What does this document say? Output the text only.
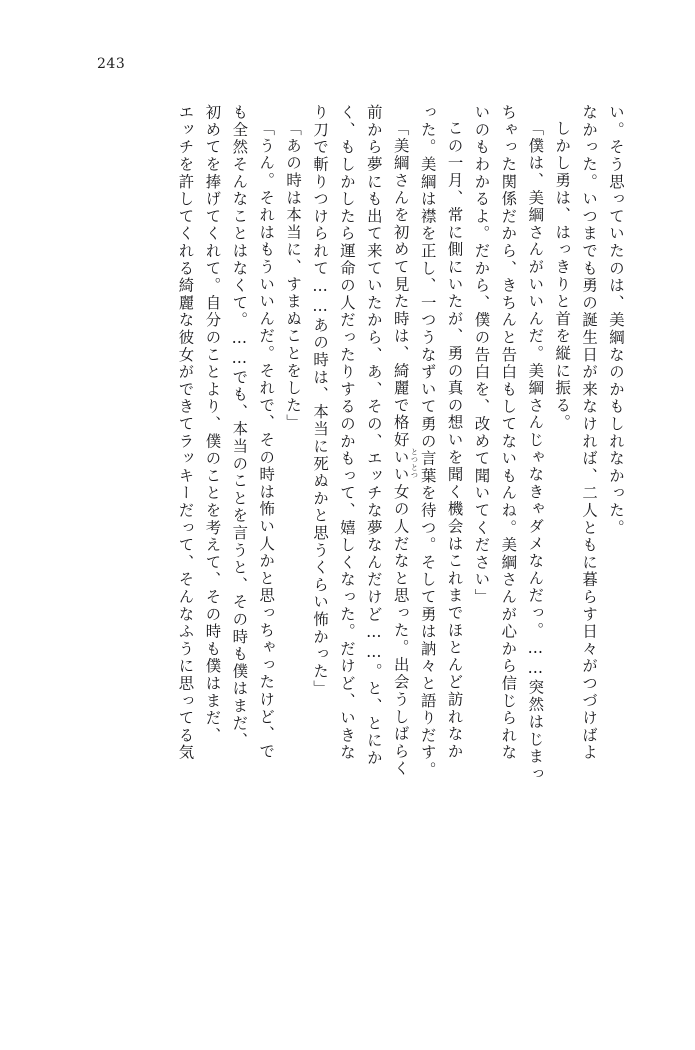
243
い。そう思っていたのは、美綱なのかもしれなかった。
なかった。いつまでも勇の誕生日が来なければ、二人ともに暮らす日々がつづけばよ
しかし勇は、はっきりと首を縦に振る。
「僕は、美綱さんがいいんだ。美綱さんじゃなきゃダメなんだっ。……突然はじまっ
ちゃった関係だから、きちんと告白もしてないもんね。美綱さんが心から信じられな
いのもわかるよ。だから、僕の告白を、改めて聞いてください」
この一月、常に側にいたが、勇の真の想いを聞く機会はこれまでほとんど訪れなか
った。美綱は襟を正し、一つうなずいて勇の言葉を待つ。そして勇は訥々と語りだす。
「美綱さんを初めて見た時は、綺麗で格好いい女の人だなと思った。出会うしばらく
前から夢にも出て来ていたから、あ、その、エッチな夢なんだけど……。と、とにか
く、もしかしたら運命の人だったりするのかもって、嬉しくなった。だけど、いきな
り刀で斬りつけられて……あの時は、本当に死ぬかと思うくらい怖かった」
「あの時は本当に、すまぬことをした」
「うん。それはもういいんだ。それで、その時は怖い人かと思っちゃったけど、で
も全然そんなことはなくて。……でも、本当のことを言うと、その時も僕はまだ、
初めてを捧げてくれて。自分のことより、僕のことを考えて、その時も僕はまだ、
エッチを許してくれる綺麗な彼女ができてラッキーだって、そんなふうに思ってる気	とつとつ
